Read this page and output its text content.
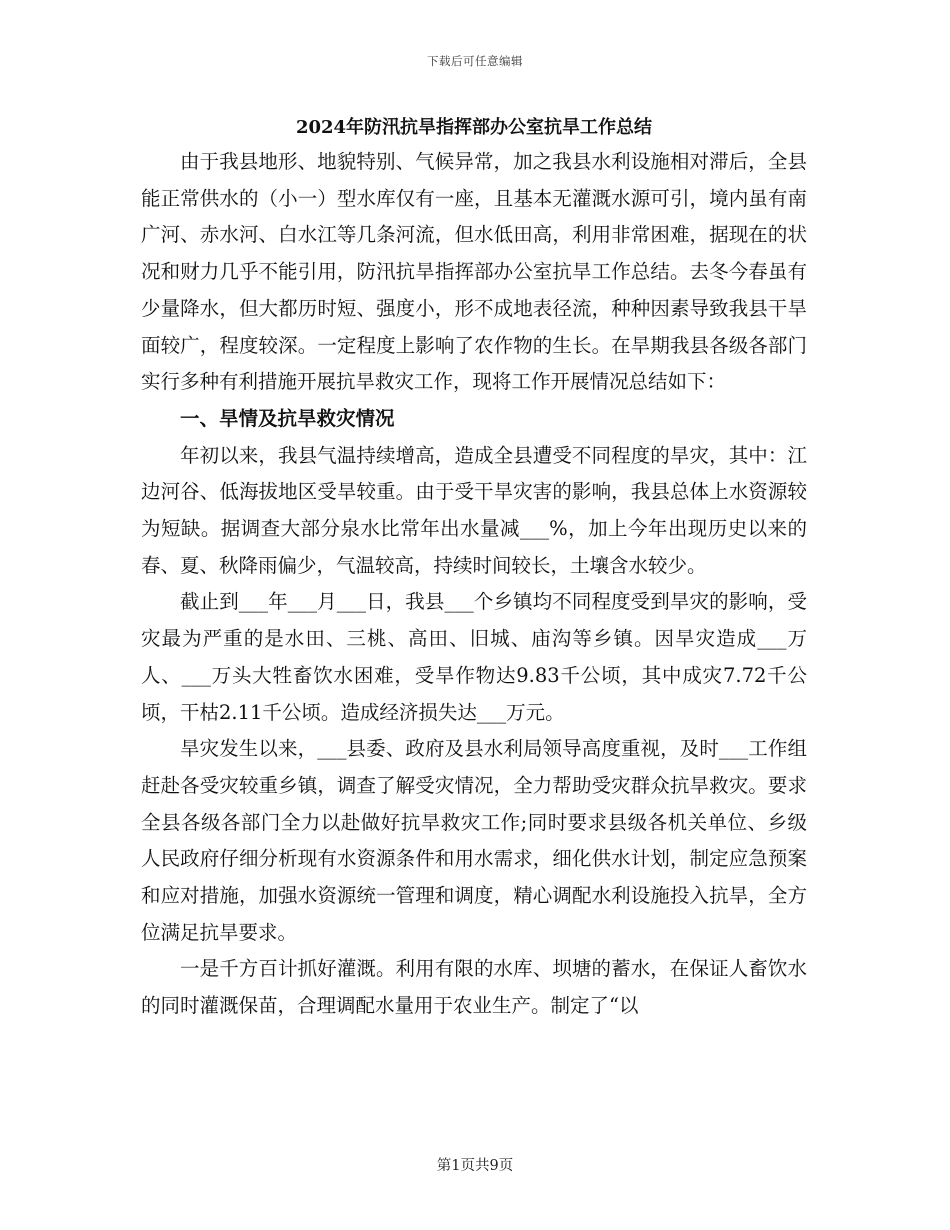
下载后可任意编辑
2024年防汛抗旱指挥部办公室抗旱工作总结

由于我县地形、地貌特别、气候异常，加之我县水利设施相对滞后，全县能正常供水的（小一）型水库仅有一座，且基本无灌溉水源可引，境内虽有南广河、赤水河、白水江等几条河流，但水低田高，利用非常困难，据现在的状况和财力几乎不能引用，防汛抗旱指挥部办公室抗旱工作总结。去冬今春虽有少量降水，但大都历时短、强度小，形不成地表径流，种种因素导致我县干旱面较广，程度较深。一定程度上影响了农作物的生长。在旱期我县各级各部门实行多种有利措施开展抗旱救灾工作，现将工作开展情况总结如下：

一、旱情及抗旱救灾情况

年初以来，我县气温持续增高，造成全县遭受不同程度的旱灾，其中：江边河谷、低海拔地区受旱较重。由于受干旱灾害的影响，我县总体上水资源较为短缺。据调查大部分泉水比常年出水量减___%，加上今年出现历史以来的春、夏、秋降雨偏少，气温较高，持续时间较长，土壤含水较少。

截止到___年___月___日，我县___个乡镇均不同程度受到旱灾的影响，受灾最为严重的是水田、三桃、高田、旧城、庙沟等乡镇。因旱灾造成___万人、___万头大牲畜饮水困难，受旱作物达9.83千公顷，其中成灾7.72千公顷，干枯2.11千公顷。造成经济损失达___万元。

旱灾发生以来，___县委、政府及县水利局领导高度重视，及时___工作组赶赴各受灾较重乡镇，调查了解受灾情况，全力帮助受灾群众抗旱救灾。要求全县各级各部门全力以赴做好抗旱救灾工作;同时要求县级各机关单位、乡级人民政府仔细分析现有水资源条件和用水需求，细化供水计划，制定应急预案和应对措施，加强水资源统一管理和调度，精心调配水利设施投入抗旱，全方位满足抗旱要求。

一是千方百计抓好灌溉。利用有限的水库、坝塘的蓄水，在保证人畜饮水的同时灌溉保苗，合理调配水量用于农业生产。制定了“以

第1页共9页
